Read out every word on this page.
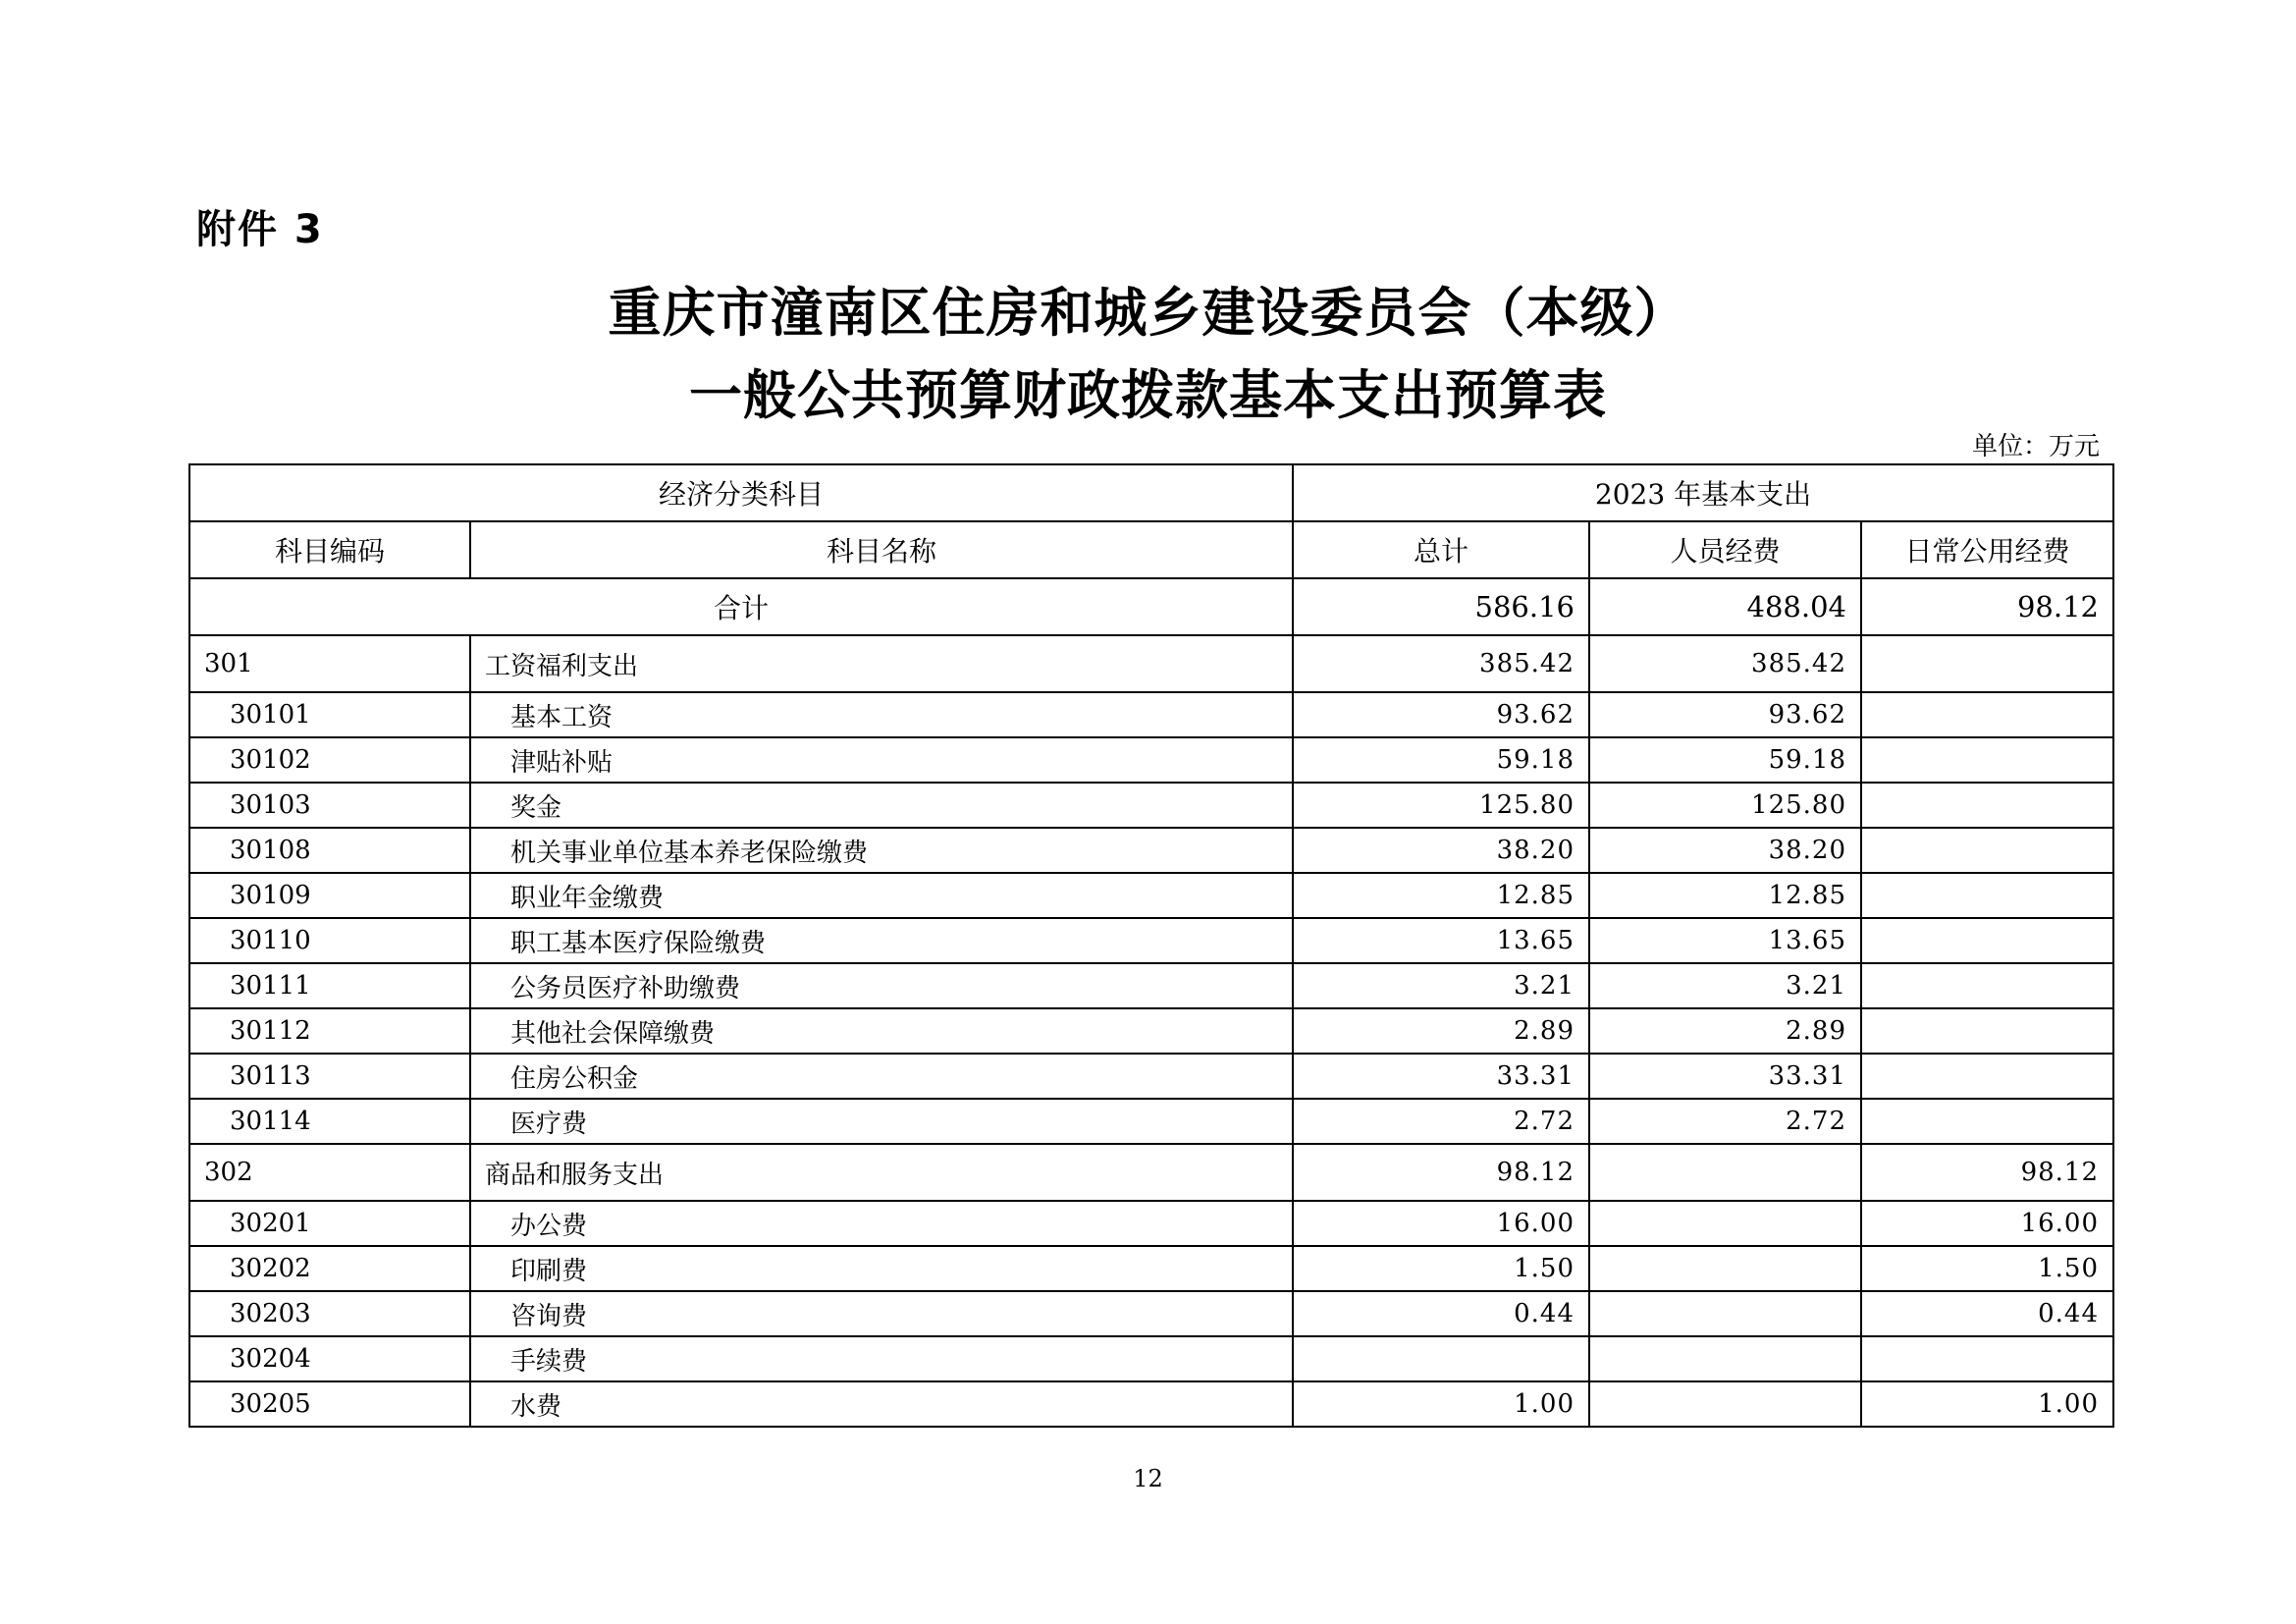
附件 3
重庆市潼南区住房和城乡建设委员会（本级）
一般公共预算财政拨款基本支出预算表
单位：万元
经济分类科目		2023 年基本支出		
科目编码	科目名称	总计	人员经费	日常公用经费
合计		586.16	488.04	98.12
301	工资福利支出	385.42	385.42	
30101	基本工资	93.62	93.62	
30102	津贴补贴	59.18	59.18	
30103	奖金	125.80	125.80	
30108	机关事业单位基本养老保险缴费	38.20	38.20	
30109	职业年金缴费	12.85	12.85	
30110	职工基本医疗保险缴费	13.65	13.65	
30111	公务员医疗补助缴费	3.21	3.21	
30112	其他社会保障缴费	2.89	2.89	
30113	住房公积金	33.31	33.31	
30114	医疗费	2.72	2.72	
302	商品和服务支出	98.12		98.12
30201	办公费	16.00		16.00
30202	印刷费	1.50		1.50
30203	咨询费	0.44		0.44
30204	手续费			
30205	水费	1.00		1.00
12
